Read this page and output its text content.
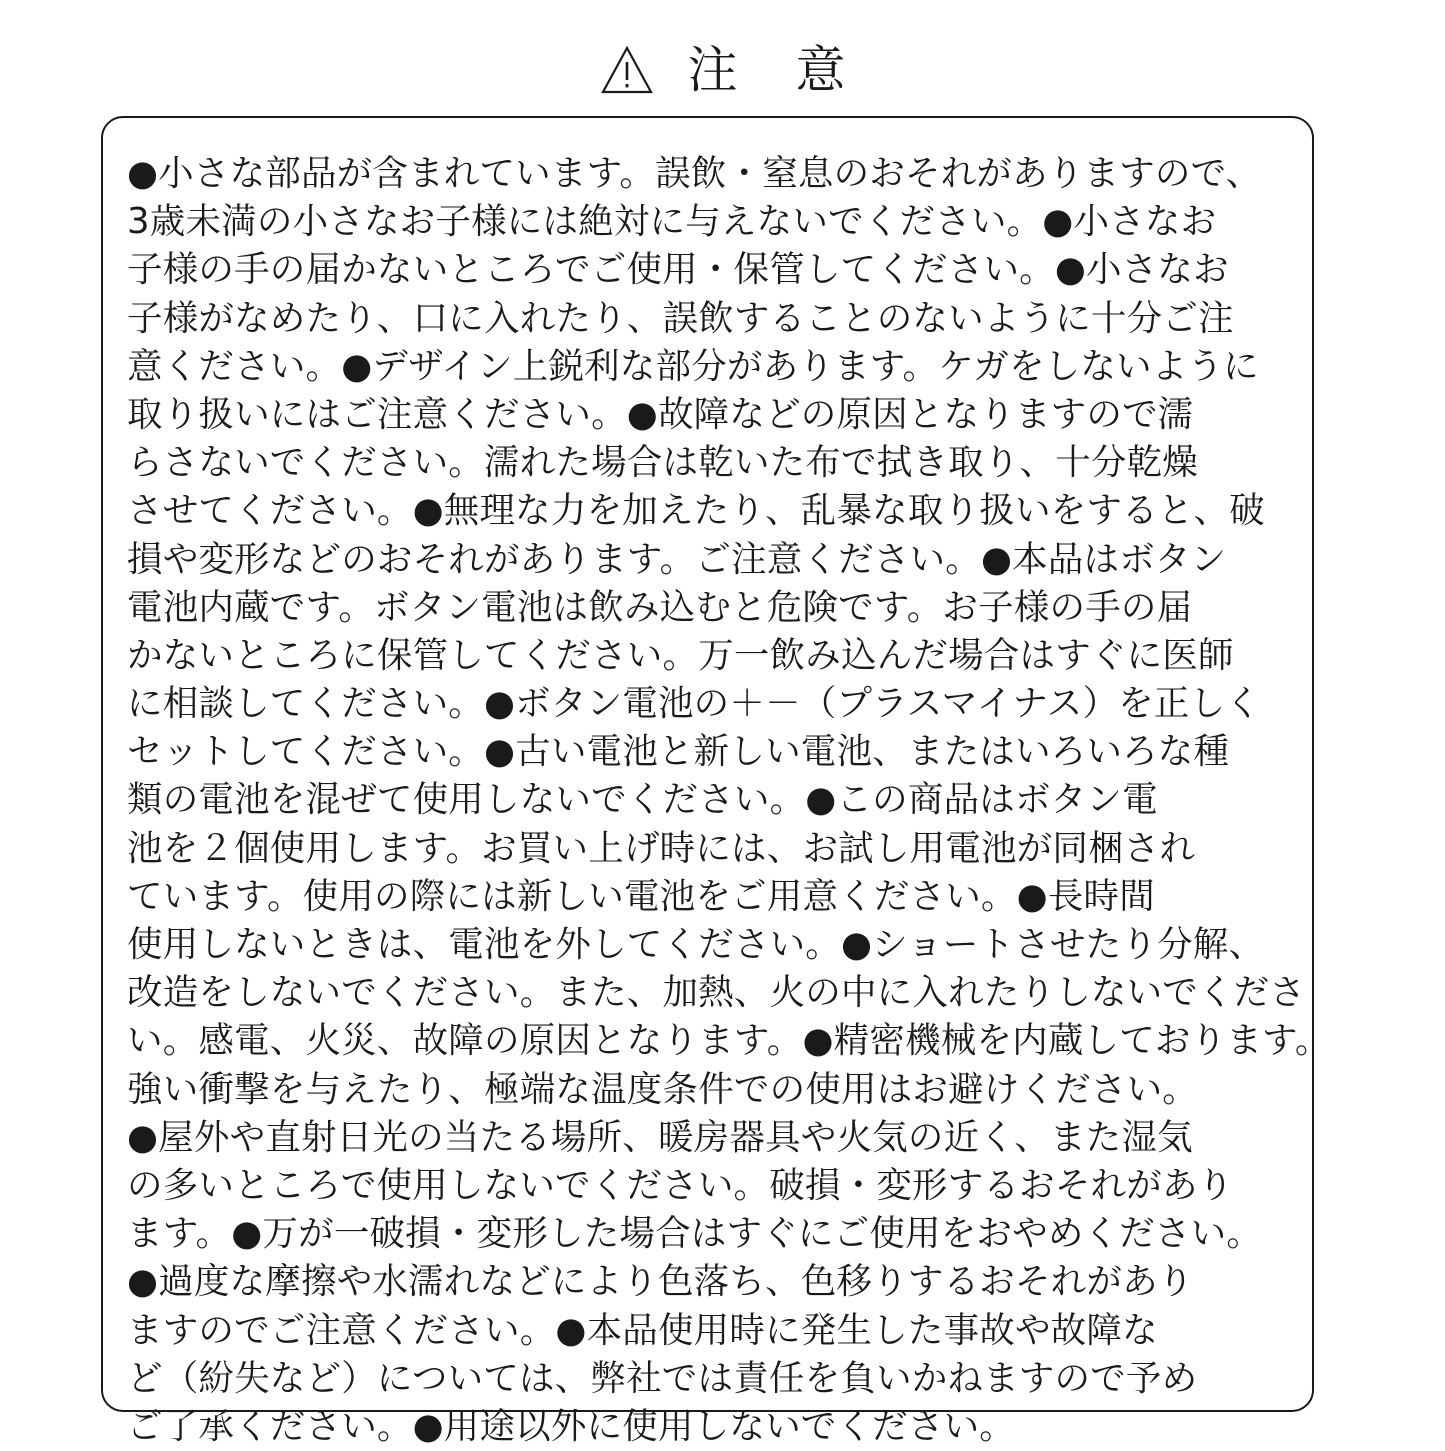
注意
●小さな部品が含まれています。誤飲・窒息のおそれがありますので、
3歳未満の小さなお子様には絶対に与えないでください。●小さなお
子様の手の届かないところでご使用・保管してください。●小さなお
子様がなめたり、口に入れたり、誤飲することのないように十分ご注
意ください。●デザイン上鋭利な部分があります。ケガをしないように
取り扱いにはご注意ください。●故障などの原因となりますので濡
らさないでください。濡れた場合は乾いた布で拭き取り、十分乾燥
させてください。●無理な力を加えたり、乱暴な取り扱いをすると、破
損や変形などのおそれがあります。ご注意ください。●本品はボタン
電池内蔵です。ボタン電池は飲み込むと危険です。お子様の手の届
かないところに保管してください。万一飲み込んだ場合はすぐに医師
に相談してください。●ボタン電池の＋－（プラスマイナス）を正しく
セットしてください。●古い電池と新しい電池、またはいろいろな種
類の電池を混ぜて使用しないでください。●この商品はボタン電
池を２個使用します。お買い上げ時には、お試し用電池が同梱され
ています。使用の際には新しい電池をご用意ください。●長時間
使用しないときは、電池を外してください。●ショートさせたり分解、
改造をしないでください。また、加熱、火の中に入れたりしないでくださ
い。感電、火災、故障の原因となります。●精密機械を内蔵しております。
強い衝撃を与えたり、極端な温度条件での使用はお避けください。
●屋外や直射日光の当たる場所、暖房器具や火気の近く、また湿気
の多いところで使用しないでください。破損・変形するおそれがあり
ます。●万が一破損・変形した場合はすぐにご使用をおやめください。
●過度な摩擦や水濡れなどにより色落ち、色移りするおそれがあり
ますのでご注意ください。●本品使用時に発生した事故や故障な
ど（紛失など）については、弊社では責任を負いかねますので予め
ご了承ください。●用途以外に使用しないでください。
